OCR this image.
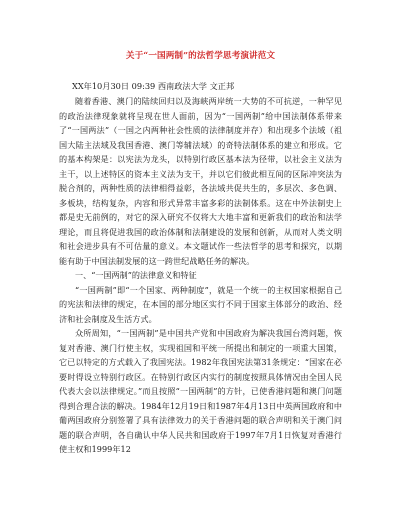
关于“一国两制”的法哲学思考演讲范文
XX年10月30日 09:39 西南政法大学 文正邦

随着香港、澳门的陆续回归以及海峡两岸统一大势的不可抗逆，一种罕见的政治法律现象就将呈现在世人面前，因为“一国两制”给中国法制体系带来了“一国两法”（一国之内两种社会性质的法律制度并存）和出现多个法域（祖国大陆主法域及我国香港、澳门等辅法域）的奇特法制体系的建立和形成。它的基本构架是：以宪法为龙头，以特别行政区基本法为径带，以社会主义法为主干，以上述特区的资本主义法为支干，并以它们彼此相互间的区际冲突法为脱合剂的，两种性质的法律相得益彰，各法域共促共生的，多层次、多色调、多板块，结构复杂，内容和形式异常丰富多彩的法制体系。这在中外法制史上都是史无前例的，对它的深入研究不仅将大大地丰富和更新我们的政治和法学理论，而且将促进我国的政治体制和法制建设的发展和创新，从而对人类文明和社会进步具有不可估量的意义。本文题试作一些法哲学的思考和探究，以期能有助于中国法制发展的这一跨世纪战略任务的解决。

一、“一国两制”的法律意义和特征

“一国两制”即“一个国家、两种制度”，就是一个统一的主权国家根据自己的宪法和法律的规定，在本国的部分地区实行不同于国家主体部分的政治、经济和社会制度及生活方式。

众所周知，“一国两制”是中国共产党和中国政府为解决我国台湾问题，恢复对香港、澳门行使主权，实现祖国和平统一所提出和制定的一项重大国策，它已以特定的方式载入了我国宪法。1982年我国宪法第31条规定：“国家在必要时得设立特别行政区。在特别行政区内实行的制度按照具体情况由全国人民代表大会以法律规定。”而且按照“一国两制”的方针，已使香港问题和澳门问题得到合理合法的解决。1984年12月19日和1987年4月13日中英两国政府和中葡两国政府分别签署了具有法律效力的关于香港问题的联合声明和关于澳门问题的联合声明，各自确认中华人民共和国政府于1997年7月1日恢复对香港行使主权和1999年12
